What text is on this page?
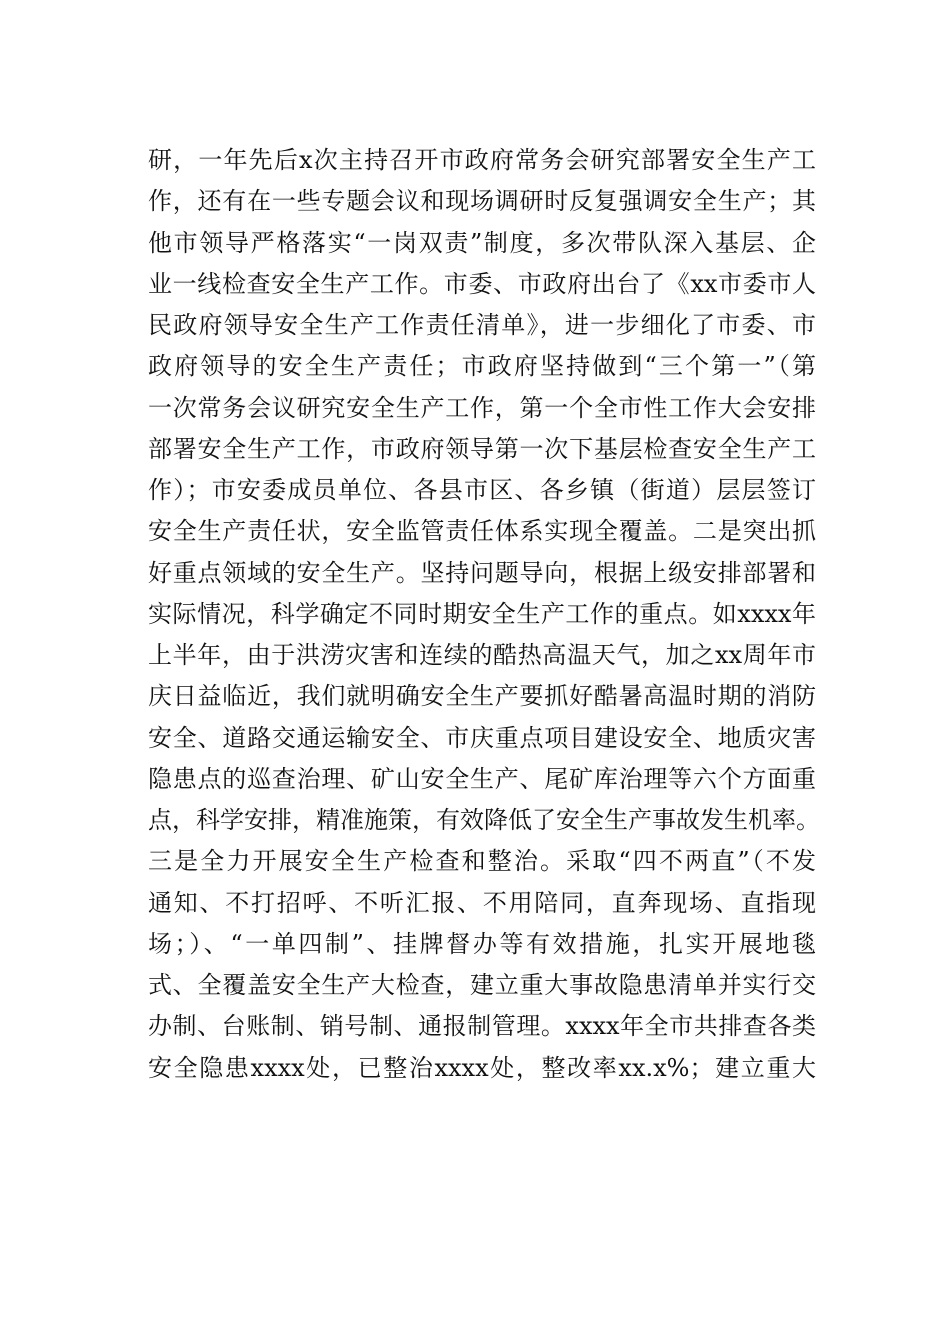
研，一年先后x次主持召开市政府常务会研究部署安全生产工
作，还有在一些专题会议和现场调研时反复强调安全生产；其
他市领导严格落实“一岗双责”制度，多次带队深入基层、企
业一线检查安全生产工作。市委、市政府出台了《xx市委市人
民政府领导安全生产工作责任清单》，进一步细化了市委、市
政府领导的安全生产责任；市政府坚持做到“三个第一”（第
一次常务会议研究安全生产工作，第一个全市性工作大会安排
部署安全生产工作，市政府领导第一次下基层检查安全生产工
作）；市安委成员单位、各县市区、各乡镇（街道）层层签订
安全生产责任状，安全监管责任体系实现全覆盖。二是突出抓
好重点领域的安全生产。坚持问题导向，根据上级安排部署和
实际情况，科学确定不同时期安全生产工作的重点。如xxxx年
上半年，由于洪涝灾害和连续的酷热高温天气，加之xx周年市
庆日益临近，我们就明确安全生产要抓好酷暑高温时期的消防
安全、道路交通运输安全、市庆重点项目建设安全、地质灾害
隐患点的巡查治理、矿山安全生产、尾矿库治理等六个方面重
点，科学安排，精准施策，有效降低了安全生产事故发生机率。
三是全力开展安全生产检查和整治。采取“四不两直”（不发
通知、不打招呼、不听汇报、不用陪同，直奔现场、直指现
场；）、“一单四制”、挂牌督办等有效措施，扎实开展地毯
式、全覆盖安全生产大检查，建立重大事故隐患清单并实行交
办制、台账制、销号制、通报制管理。xxxx年全市共排查各类
安全隐患xxxx处，已整治xxxx处，整改率xx.x%；建立重大
